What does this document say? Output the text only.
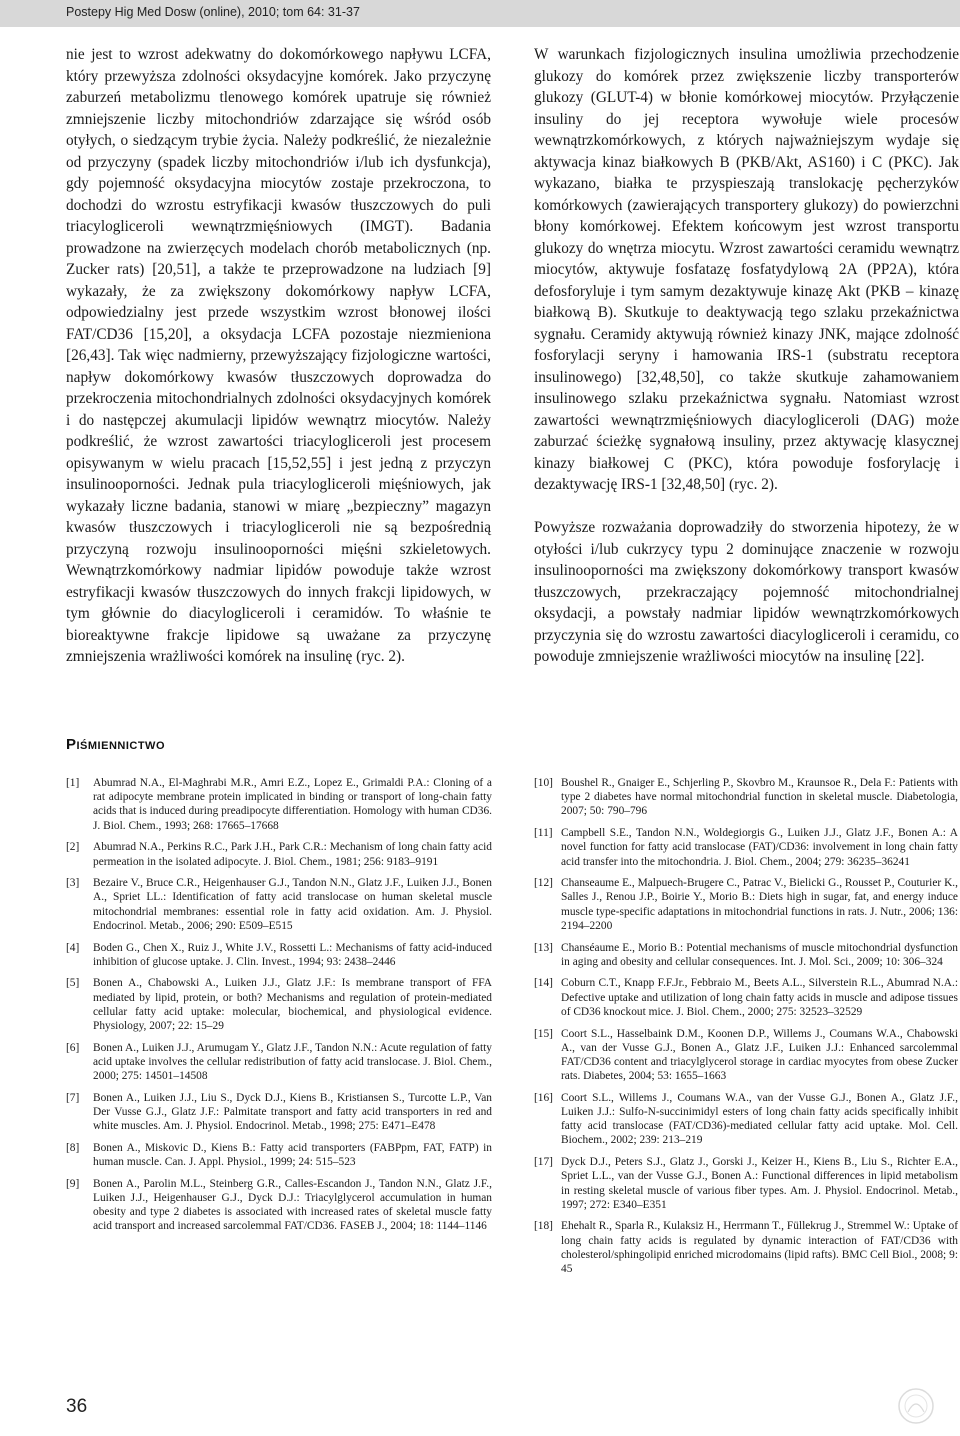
Postepy Hig Med Dosw (online), 2010; tom 64: 31-37

nie jest to wzrost adekwatny do dokomórkowego napływu LCFA, który przewyższa zdolności oksydacyjne komórek. Jako przyczynę zaburzeń metabolizmu tlenowego komórek upatruje się również zmniejszenie liczby mitochondriów zdarzające się wśród osób otyłych, o siedzącym trybie życia. Należy podkreślić, że niezależnie od przyczyny (spadek liczby mitochondriów i/lub ich dysfunkcja), gdy pojemność oksydacyjna miocytów zostaje przekroczona, to dochodzi do wzrostu estryfikacji kwasów tłuszczowych do puli triacylogliceroli wewnątrzmięśniowych (IMGT). Badania prowadzone na zwierzęcych modelach chorób metabolicznych (np. Zucker rats) [20,51], a także te przeprowadzone na ludziach [9] wykazały, że za zwiększony dokomórkowy napływ LCFA, odpowiedzialny jest przede wszystkim wzrost błonowej ilości FAT/CD36 [15,20], a oksydacja LCFA pozostaje niezmieniona [26,43]. Tak więc nadmierny, przewyższający fizjologiczne wartości, napływ dokomórkowy kwasów tłuszczowych doprowadza do przekroczenia mitochondrialnych zdolności oksydacyjnych komórek i do następczej akumulacji lipidów wewnątrz miocytów. Należy podkreślić, że wzrost zawartości triacylogliceroli jest procesem opisywanym w wielu pracach [15,52,55] i jest jedną z przyczyn insulinooporności. Jednak pula triacylogliceroli mięśniowych, jak wykazały liczne badania, stanowi w miarę „bezpieczny” magazyn kwasów tłuszczowych i triacylogliceroli nie są bezpośrednią przyczyną rozwoju insulinooporności mięśni szkieletowych. Wewnątrzkomórkowy nadmiar lipidów powoduje także wzrost estryfikacji kwasów tłuszczowych do innych frakcji lipidowych, w tym głównie do diacylogliceroli i ceramidów. To właśnie te bioreaktywne frakcje lipidowe są uważane za przyczynę zmniejszenia wrażliwości komórek na insulinę (ryc. 2).

W warunkach fizjologicznych insulina umożliwia przechodzenie glukozy do komórek przez zwiększenie liczby transporterów glukozy (GLUT-4) w błonie komórkowej miocytów. Przyłączenie insuliny do jej receptora wywołuje wiele procesów wewnątrzkomórkowych, z których najważniejszym wydaje się aktywacja kinaz białkowych B (PKB/Akt, AS160) i C (PKC). Jak wykazano, białka te przyspieszają translokację pęcherzyków komórkowych (zawierających transportery glukozy) do powierzchni błony komórkowej. Efektem końcowym jest wzrost transportu glukozy do wnętrza miocytu. Wzrost zawartości ceramidu wewnątrz miocytów, aktywuje fosfatazę fosfatydylową 2A (PP2A), która defosforyluje i tym samym dezaktywuje kinazę Akt (PKB – kinazę białkową B). Skutkuje to deaktywacją tego szlaku przekaźnictwa sygnału. Ceramidy aktywują również kinazy JNK, mające zdolność fosforylacji seryny i hamowania IRS-1 (substratu receptora insulinowego) [32,48,50], co także skutkuje zahamowaniem insulinowego szlaku przekaźnictwa sygnału. Natomiast wzrost zawartości wewnątrzmięśniowych diacylogliceroli (DAG) może zaburzać ścieżkę sygnałową insuliny, przez aktywację klasycznej kinazy białkowej C (PKC), która powoduje fosforylację i dezaktywację IRS-1 [32,48,50] (ryc. 2).

Powyższe rozważania doprowadziły do stworzenia hipotezy, że w otyłości i/lub cukrzycy typu 2 dominujące znaczenie w rozwoju insulinooporności ma zwiększony dokomórkowy transport kwasów tłuszczowych, przekraczający pojemność mitochondrialnej oksydacji, a powstały nadmiar lipidów wewnątrzkomórkowych przyczynia się do wzrostu zawartości diacylogliceroli i ceramidu, co powoduje zmniejszenie wrażliwości miocytów na insulinę [22].

Piśmiennictwo
[1]	Abumrad N.A., El-Maghrabi M.R., Amri E.Z., Lopez E., Grimaldi P.A.: Cloning of a rat adipocyte membrane protein implicated in binding or transport of long-chain fatty acids that is induced during preadipocyte differentiation. Homology with human CD36. J. Biol. Chem., 1993; 268: 17665–17668
[2]	Abumrad N.A., Perkins R.C., Park J.H., Park C.R.: Mechanism of long chain fatty acid permeation in the isolated adipocyte. J. Biol. Chem., 1981; 256: 9183–9191
[3]	Bezaire V., Bruce C.R., Heigenhauser G.J., Tandon N.N., Glatz J.F., Luiken J.J., Bonen A., Spriet LL.: Identification of fatty acid translocase on human skeletal muscle mitochondrial membranes: essential role in fatty acid oxidation. Am. J. Physiol. Endocrinol. Metab., 2006; 290: E509–E515
[4]	Boden G., Chen X., Ruiz J., White J.V., Rossetti L.: Mechanisms of fatty acid-induced inhibition of glucose uptake. J. Clin. Invest., 1994; 93: 2438–2446
[5]	Bonen A., Chabowski A., Luiken J.J., Glatz J.F.: Is membrane transport of FFA mediated by lipid, protein, or both? Mechanisms and regulation of protein-mediated cellular fatty acid uptake: molecular, biochemical, and physiological evidence. Physiology, 2007; 22: 15–29
[6]	Bonen A., Luiken J.J., Arumugam Y., Glatz J.F., Tandon N.N.: Acute regulation of fatty acid uptake involves the cellular redistribution of fatty acid translocase. J. Biol. Chem., 2000; 275: 14501–14508
[7]	Bonen A., Luiken J.J., Liu S., Dyck D.J., Kiens B., Kristiansen S., Turcotte L.P., Van Der Vusse G.J., Glatz J.F.: Palmitate transport and fatty acid transporters in red and white muscles. Am. J. Physiol. Endocrinol. Metab., 1998; 275: E471–E478
[8]	Bonen A., Miskovic D., Kiens B.: Fatty acid transporters (FABPpm, FAT, FATP) in human muscle. Can. J. Appl. Physiol., 1999; 24: 515–523
[9]	Bonen A., Parolin M.L., Steinberg G.R., Calles-Escandon J., Tandon N.N., Glatz J.F., Luiken J.J., Heigenhauser G.J., Dyck D.J.: Triacylglycerol accumulation in human obesity and type 2 diabetes is associated with increased rates of skeletal muscle fatty acid transport and increased sarcolemmal FAT/CD36. FASEB J., 2004; 18: 1144–1146
[10] Boushel R., Gnaiger E., Schjerling P., Skovbro M., Kraunsoe R., Dela F.: Patients with type 2 diabetes have normal mitochondrial function in skeletal muscle. Diabetologia, 2007; 50: 790–796
[11] Campbell S.E., Tandon N.N., Woldegiorgis G., Luiken J.J., Glatz J.F., Bonen A.: A novel function for fatty acid translocase (FAT)/CD36: involvement in long chain fatty acid transfer into the mitochondria. J. Biol. Chem., 2004; 279: 36235–36241
[12] Chanseaume E., Malpuech-Brugere C., Patrac V., Bielicki G., Rousset P., Couturier K., Salles J., Renou J.P., Boirie Y., Morio B.: Diets high in sugar, fat, and energy induce muscle type-specific adaptations in mitochondrial functions in rats. J. Nutr., 2006; 136: 2194–2200
[13] Chanséaume E., Morio B.: Potential mechanisms of muscle mitochondrial dysfunction in aging and obesity and cellular consequences. Int. J. Mol. Sci., 2009; 10: 306–324
[14] Coburn C.T., Knapp F.F.Jr., Febbraio M., Beets A.L., Silverstein R.L., Abumrad N.A.: Defective uptake and utilization of long chain fatty acids in muscle and adipose tissues of CD36 knockout mice. J. Biol. Chem., 2000; 275: 32523–32529
[15] Coort S.L., Hasselbaink D.M., Koonen D.P., Willems J., Coumans W.A., Chabowski A., van der Vusse G.J., Bonen A., Glatz J.F., Luiken J.J.: Enhanced sarcolemmal FAT/CD36 content and triacylglycerol storage in cardiac myocytes from obese Zucker rats. Diabetes, 2004; 53: 1655–1663
[16] Coort S.L., Willems J., Coumans W.A., van der Vusse G.J., Bonen A., Glatz J.F., Luiken J.J.: Sulfo-N-succinimidyl esters of long chain fatty acids specifically inhibit fatty acid translocase (FAT/CD36)-mediated cellular fatty acid uptake. Mol. Cell. Biochem., 2002; 239: 213–219
[17] Dyck D.J., Peters S.J., Glatz J., Gorski J., Keizer H., Kiens B., Liu S., Richter E.A., Spriet L.L., van der Vusse G.J., Bonen A.: Functional differences in lipid metabolism in resting skeletal muscle of various fiber types. Am. J. Physiol. Endocrinol. Metab., 1997; 272: E340–E351
[18] Ehehalt R., Sparla R., Kulaksiz H., Herrmann T., Füllekrug J., Stremmel W.: Uptake of long chain fatty acids is regulated by dynamic interaction of FAT/CD36 with cholesterol/sphingolipid enriched microdomains (lipid rafts). BMC Cell Biol., 2008; 9: 45
36
